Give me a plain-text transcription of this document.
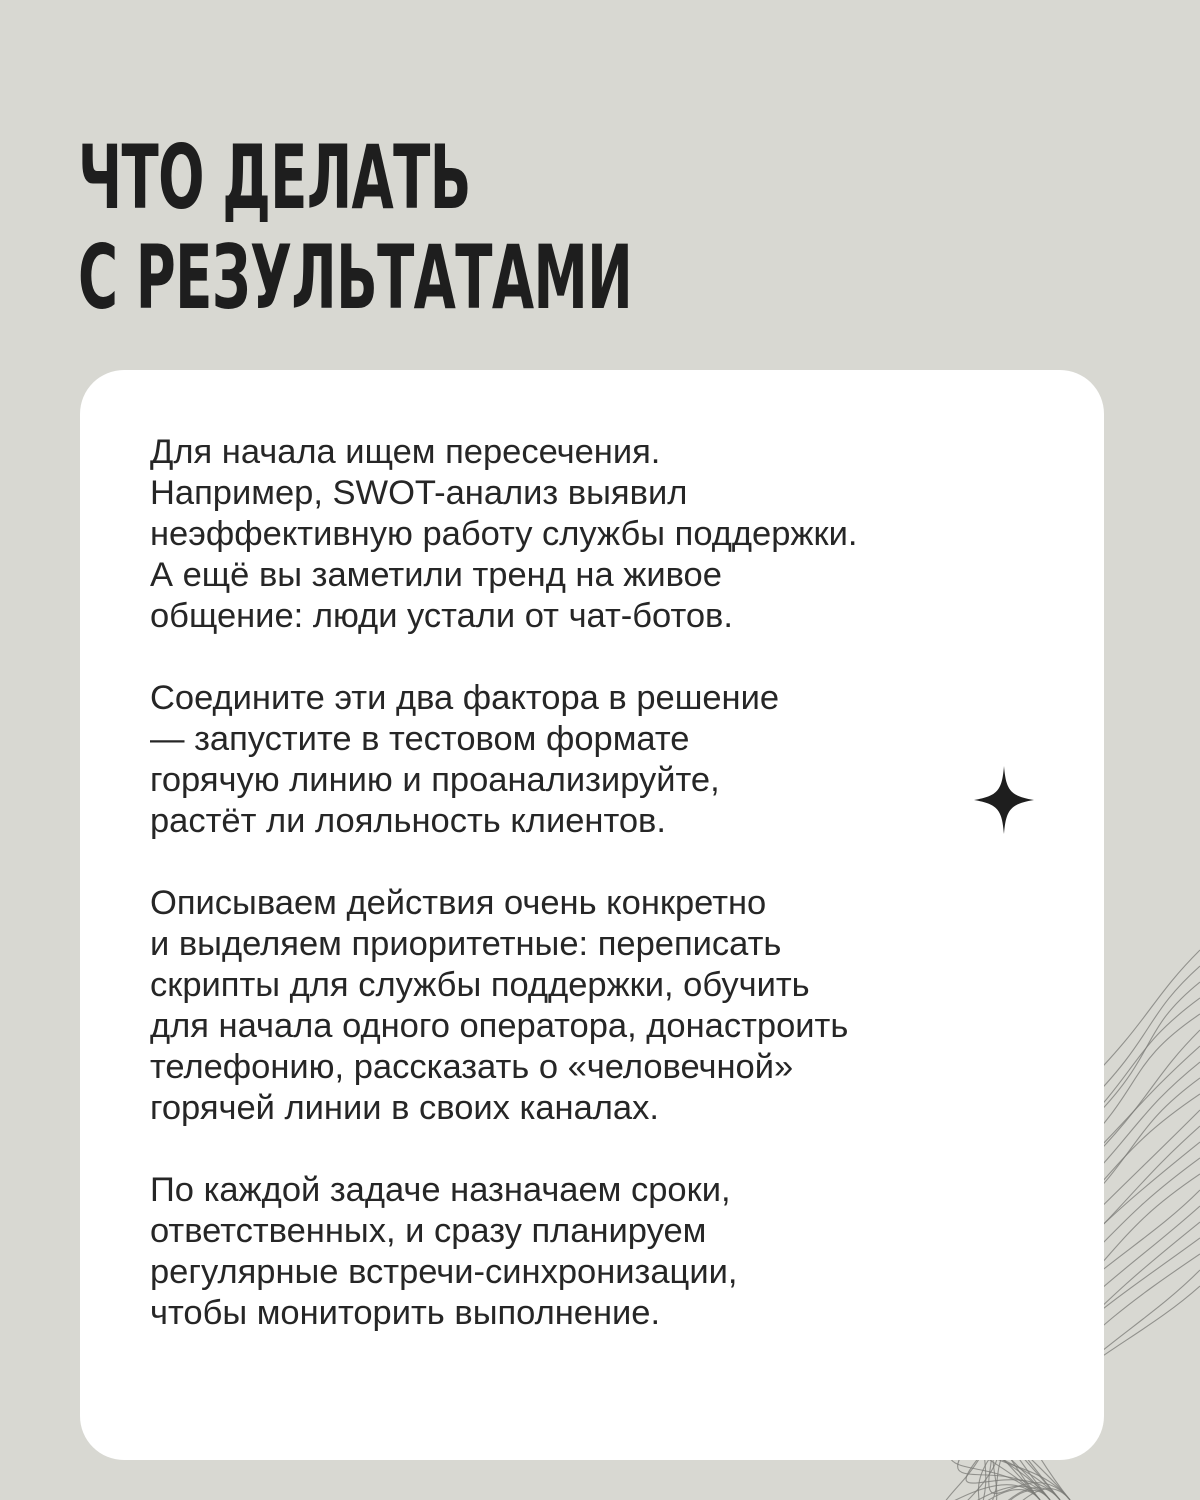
ЧТО ДЕЛАТЬ
С РЕЗУЛЬТАТАМИ

Для начала ищем пересечения.
Например, SWOT-анализ выявил
неэффективную работу службы поддержки.
А ещё вы заметили тренд на живое
общение: люди устали от чат-ботов.

Соедините эти два фактора в решение
— запустите в тестовом формате
горячую линию и проанализируйте,
растёт ли лояльность клиентов.

Описываем действия очень конкретно
и выделяем приоритетные: переписать
скрипты для службы поддержки, обучить
для начала одного оператора, донастроить
телефонию, рассказать о «человечной»
горячей линии в своих каналах.

По каждой задаче назначаем сроки,
ответственных, и сразу планируем
регулярные встречи-синхронизации,
чтобы мониторить выполнение.
